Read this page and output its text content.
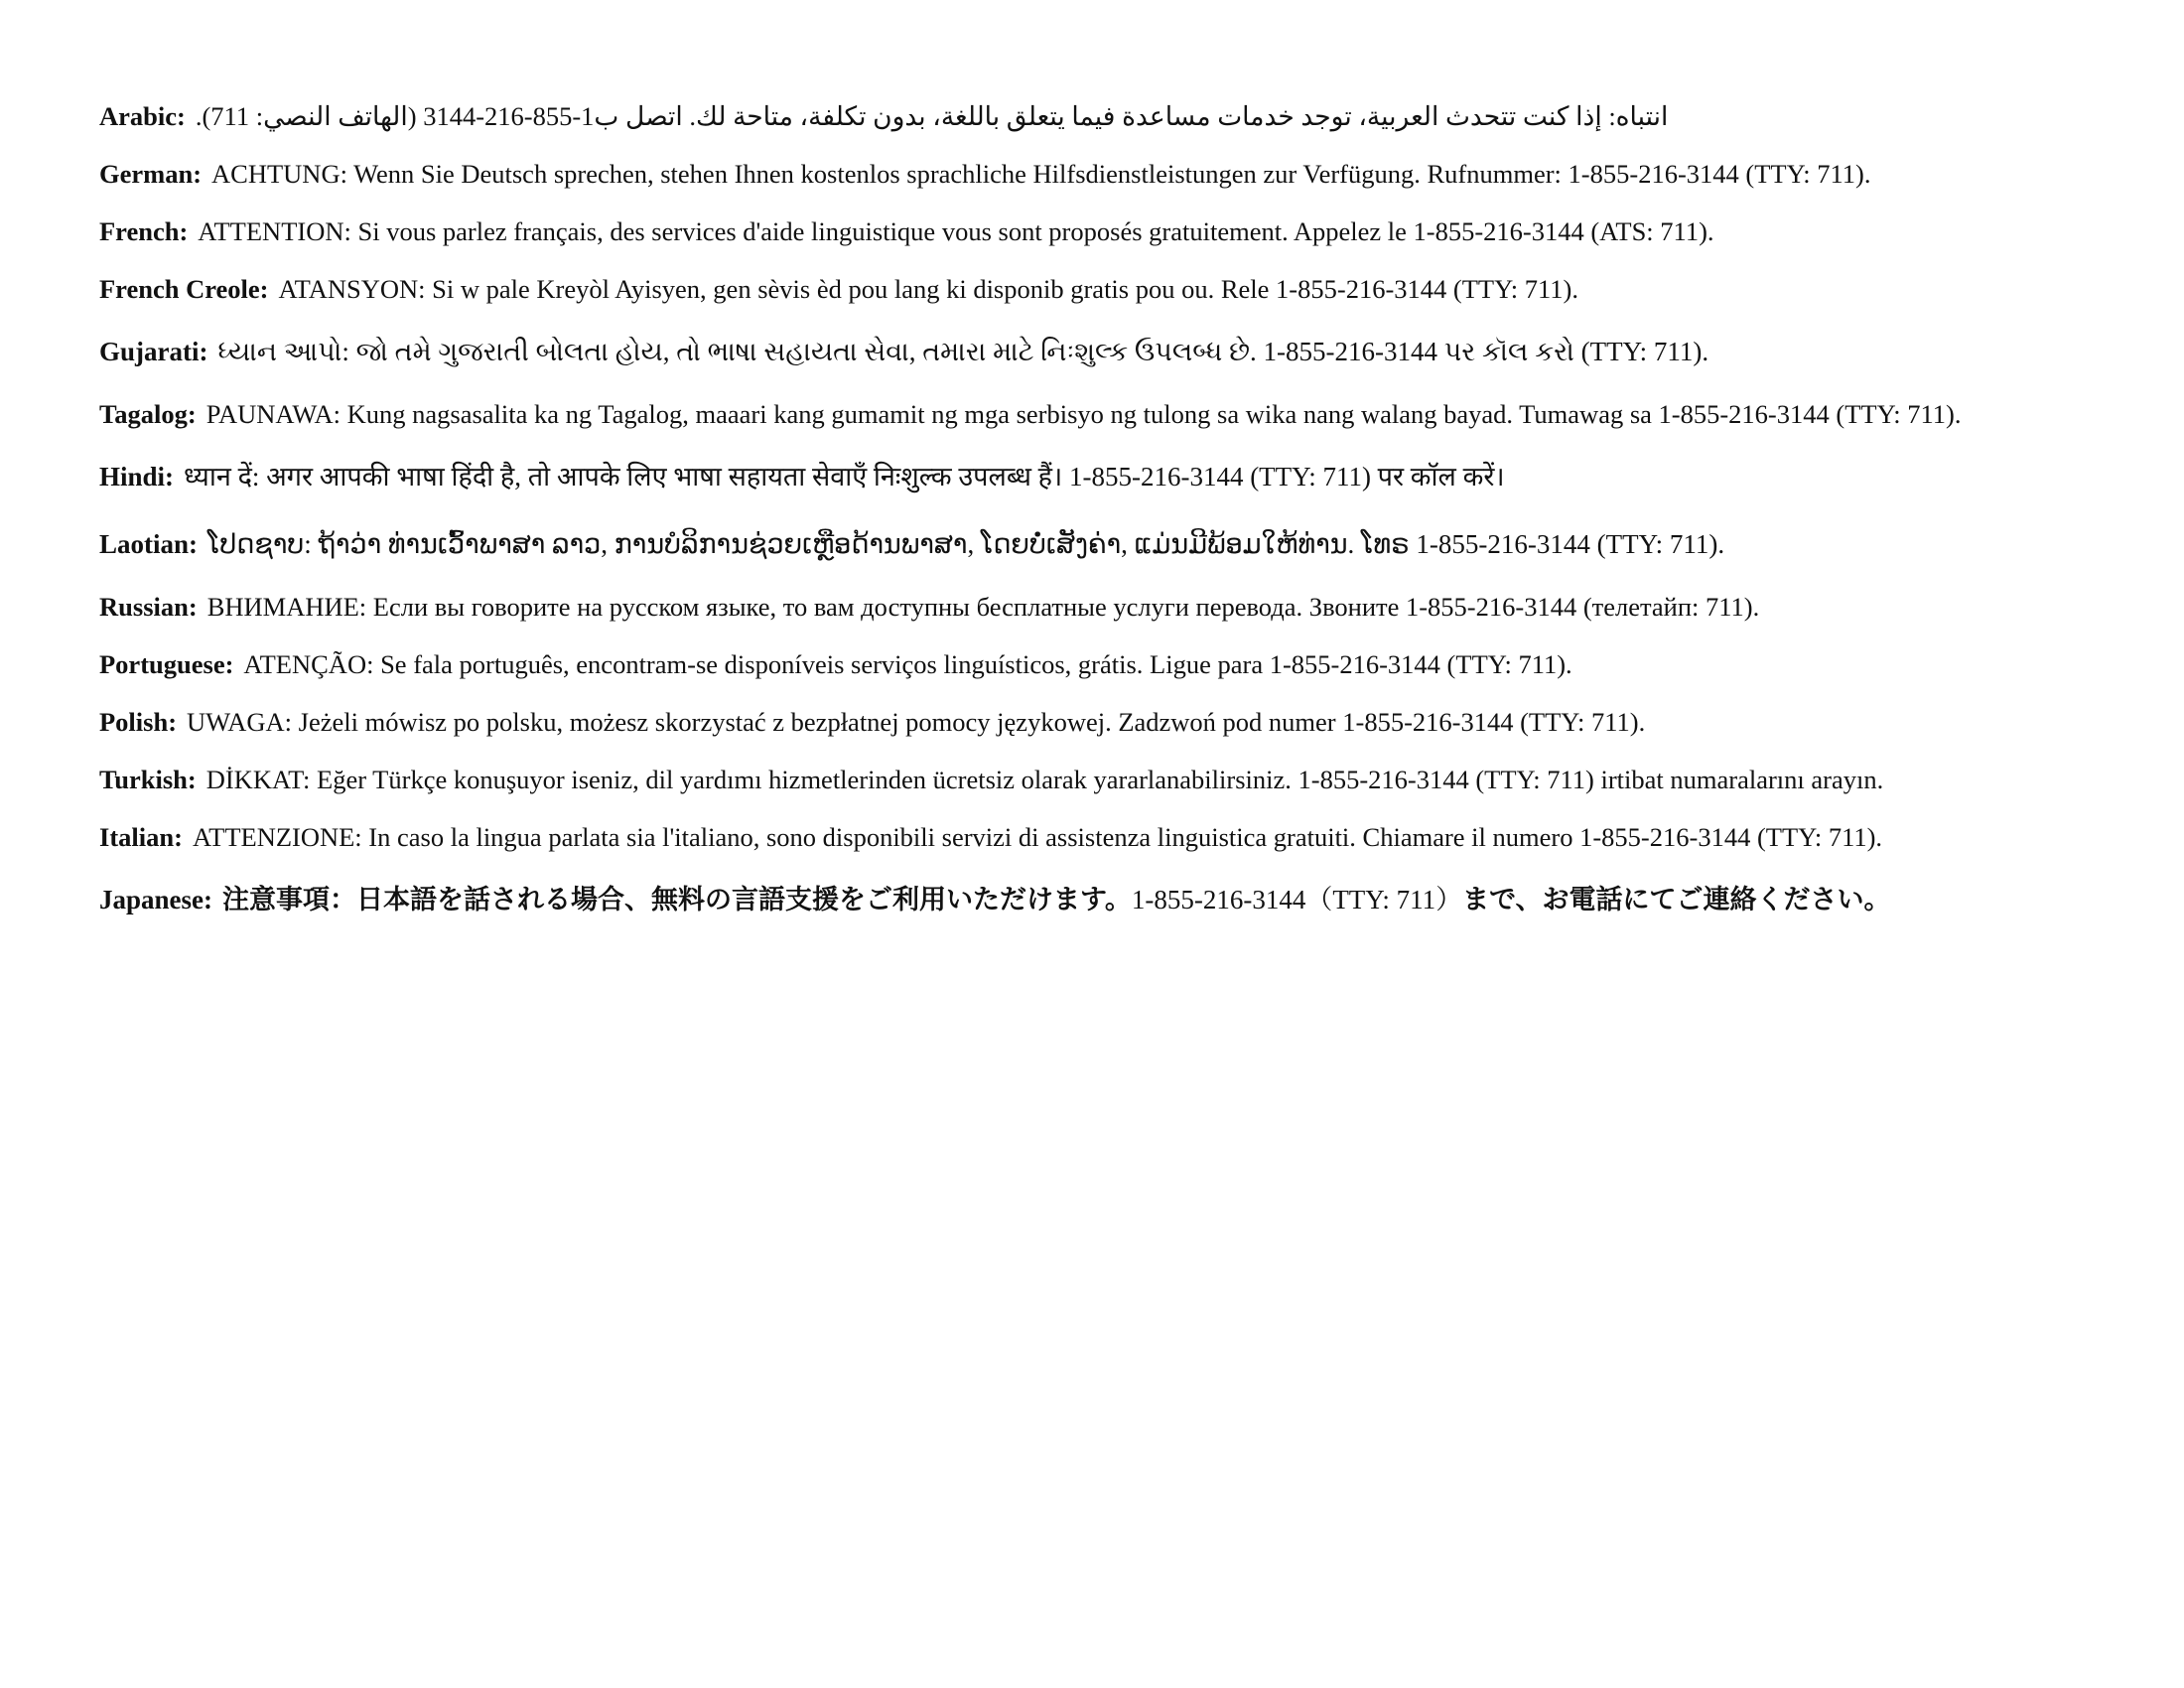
Arabic: انتباه: إذا كنت تتحدث العربية، توجد خدمات مساعدة فيما يتعلق باللغة، بدون تكلفة، متاحة لك. اتصل ب1-855-216-3144 (الهاتف النصي: 711).

German: ACHTUNG: Wenn Sie Deutsch sprechen, stehen Ihnen kostenlos sprachliche Hilfsdienstleistungen zur Verfügung. Rufnummer: 1-855-216-3144 (TTY: 711).

French: ATTENTION: Si vous parlez français, des services d'aide linguistique vous sont proposés gratuitement. Appelez le 1-855-216-3144 (ATS: 711).

French Creole: ATANSYON: Si w pale Kreyòl Ayisyen, gen sèvis èd pou lang ki disponib gratis pou ou. Rele 1-855-216-3144 (TTY: 711).

Gujarati: ધ્યાન આપો: જો તમે ગુજરાતી બોલતા હોય, તો ભાષા સહાયતા સેવા, તમારા માટે નિઃશુલ્ક ઉપલબ્ધ છે. 1-855-216-3144 પર કૉલ કરો (TTY: 711).

Tagalog: PAUNAWA: Kung nagsasalita ka ng Tagalog, maaari kang gumamit ng mga serbisyo ng tulong sa wika nang walang bayad. Tumawag sa 1-855-216-3144 (TTY: 711).

Hindi: ध्यान दें: अगर आपकी भाषा हिंदी है, तो आपके लिए भाषा सहायता सेवाएँ निःशुल्क उपलब्ध हैं। 1-855-216-3144 (TTY: 711) पर कॉल करें।

Laotian: ໂປດຊາບ: ຖ້າວ່າ ທ່ານເວົ້າພາສາ ລາວ, ການບໍລິການຊ່ວຍເຫຼືອດ້ານພາສາ, ໂດຍບໍ່ເສັງຄ່າ, ແມ່ນມີພ້ອມໃຫ້ທ່ານ. ໂທຣ 1-855-216-3144 (TTY: 711).

Russian: ВНИМАНИЕ: Если вы говорите на русском языке, то вам доступны бесплатные услуги перевода. Звоните 1-855-216-3144 (телетайп: 711).

Portuguese: ATENÇÃO: Se fala português, encontram-se disponíveis serviços linguísticos, grátis. Ligue para 1-855-216-3144 (TTY: 711).

Polish: UWAGA: Jeżeli mówisz po polsku, możesz skorzystać z bezpłatnej pomocy językowej. Zadzwoń pod numer 1-855-216-3144 (TTY: 711).

Turkish: DİKKAT: Eğer Türkçe konuşuyor iseniz, dil yardımı hizmetlerinden ücretsiz olarak yararlanabilirsiniz. 1-855-216-3144 (TTY: 711) irtibat numaralarını arayın.

Italian: ATTENZIONE: In caso la lingua parlata sia l'italiano, sono disponibili servizi di assistenza linguistica gratuiti. Chiamare il numero 1-855-216-3144 (TTY: 711).

Japanese: 注意事項：日本語を話される場合、無料の言語支援をご利用いただけます。1-855-216-3144（TTY: 711）まで、お電話にてご連絡ください。
